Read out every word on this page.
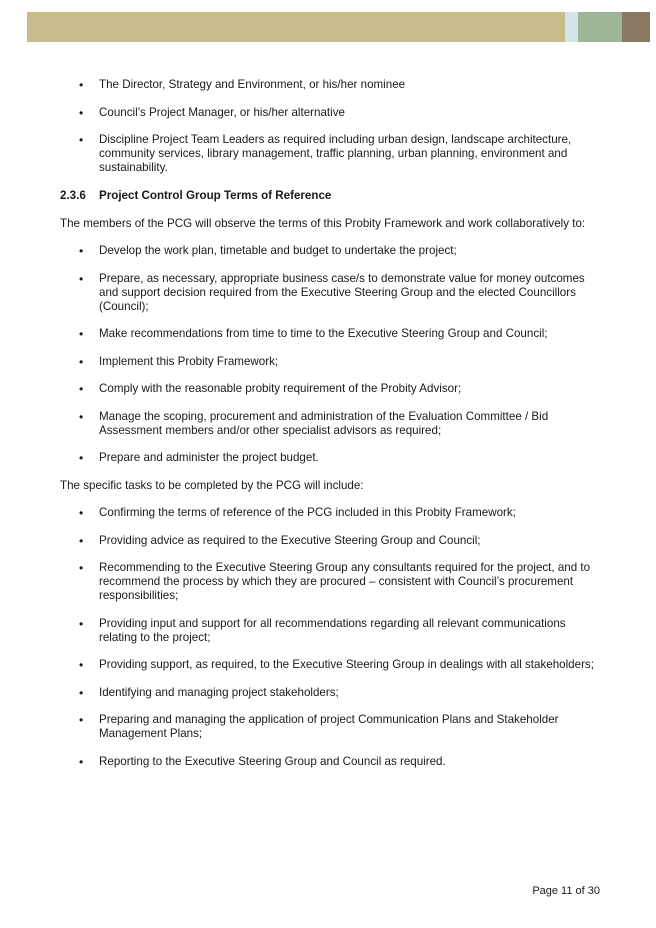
• The Director, Strategy and Environment, or his/her nominee
• Council’s Project Manager, or his/her alternative
• Discipline Project Team Leaders as required including urban design, landscape architecture, community services, library management, traffic planning, urban planning, environment and sustainability.
2.3.6	Project Control Group Terms of Reference

The members of the PCG will observe the terms of this Probity Framework and work collaboratively to:

• Develop the work plan, timetable and budget to undertake the project;
• Prepare, as necessary, appropriate business case/s to demonstrate value for money outcomes and support decision required from the Executive Steering Group and the elected Councillors (Council);
• Make recommendations from time to time to the Executive Steering Group and Council;
• Implement this Probity Framework;
• Comply with the reasonable probity requirement of the Probity Advisor;
• Manage the scoping, procurement and administration of the Evaluation Committee / Bid Assessment members and/or other specialist advisors as required;
• Prepare and administer the project budget.

The specific tasks to be completed by the PCG will include:

• Confirming the terms of reference of the PCG included in this Probity Framework;
• Providing advice as required to the Executive Steering Group and Council;
• Recommending to the Executive Steering Group any consultants required for the project, and to recommend the process by which they are procured – consistent with Council’s procurement responsibilities;
• Providing input and support for all recommendations regarding all relevant communications relating to the project;
• Providing support, as required, to the Executive Steering Group in dealings with all stakeholders;
• Identifying and managing project stakeholders;
• Preparing and managing the application of project Communication Plans and Stakeholder Management Plans;
• Reporting to the Executive Steering Group and Council as required.
Page 11 of 30
